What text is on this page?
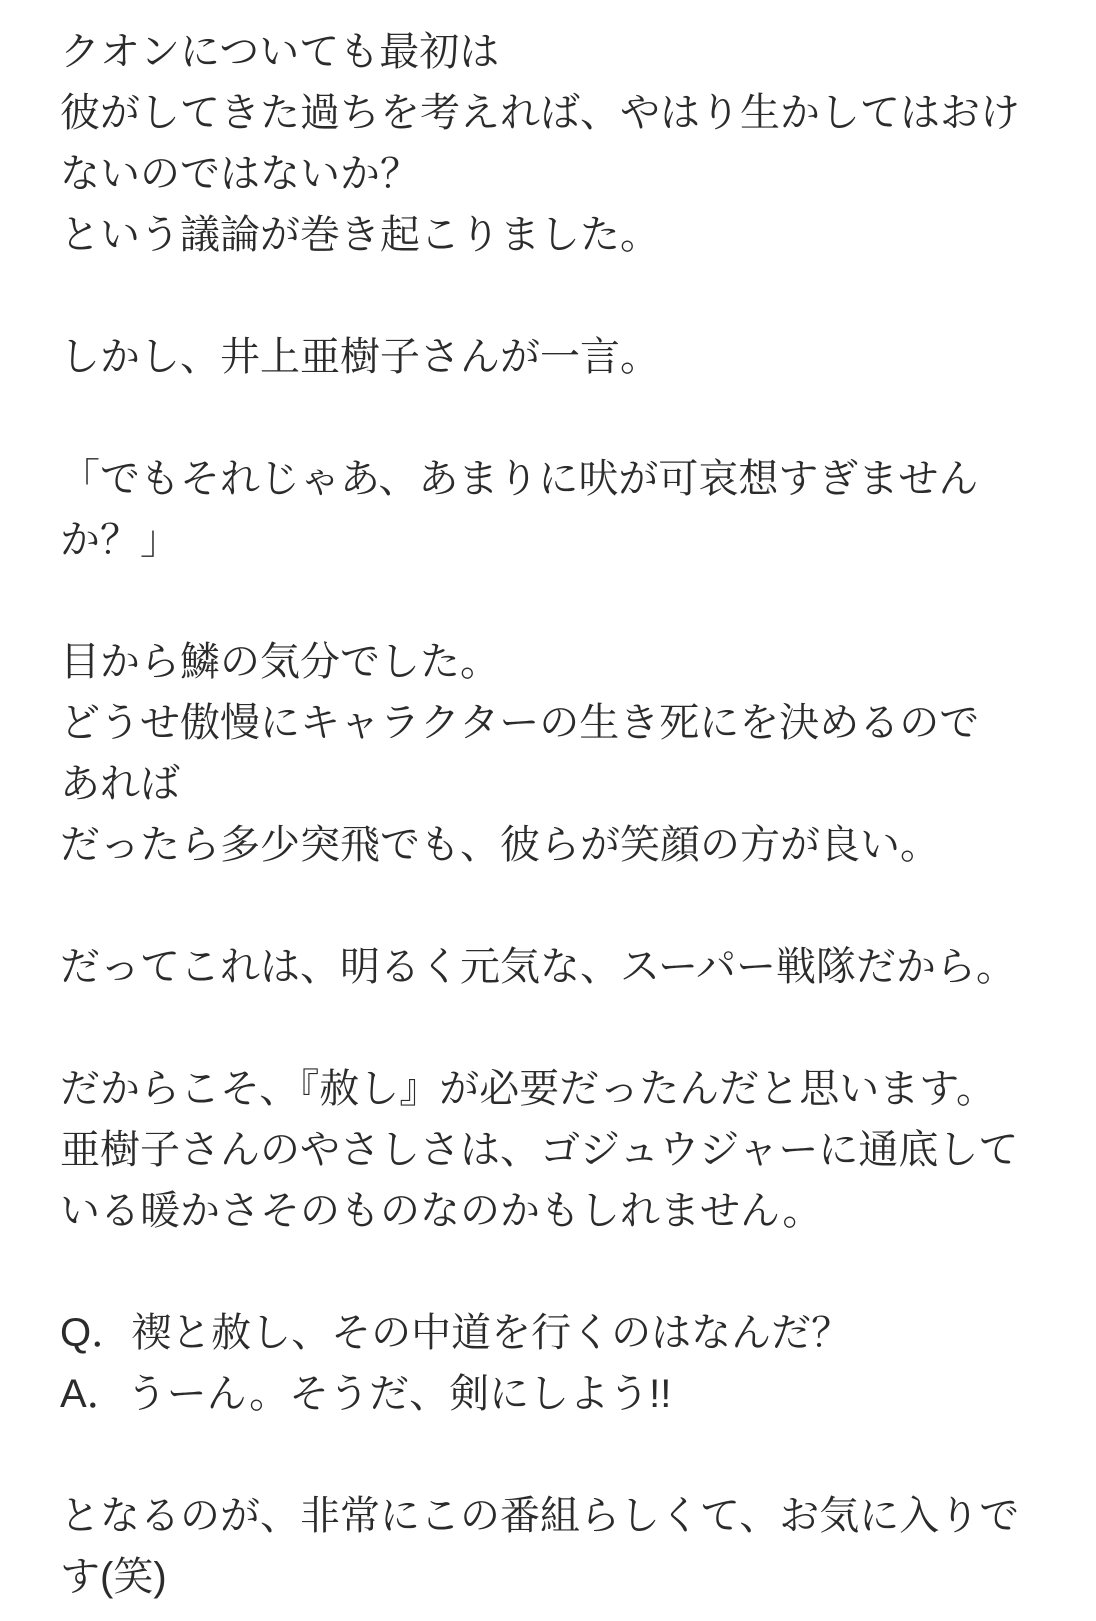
クオンについても最初は
彼がしてきた過ちを考えれば、やはり生かしてはおけ
ないのではないか？
という議論が巻き起こりました。
しかし、井上亜樹子さんが一言。
「でもそれじゃあ、あまりに吠が可哀想すぎません
か？」
目から鱗の気分でした。
どうせ傲慢にキャラクターの生き死にを決めるので
あれば
だったら多少突飛でも、彼らが笑顔の方が良い。
だってこれは、明るく元気な、スーパー戦隊だから。
だからこそ、『赦し』が必要だったんだと思います。
亜樹子さんのやさしさは、ゴジュウジャーに通底して
いる暖かさそのものなのかもしれません。
Q．禊と赦し、その中道を行くのはなんだ？
A．うーん。そうだ、剣にしよう!!
となるのが、非常にこの番組らしくて、お気に入りで
す(笑)
